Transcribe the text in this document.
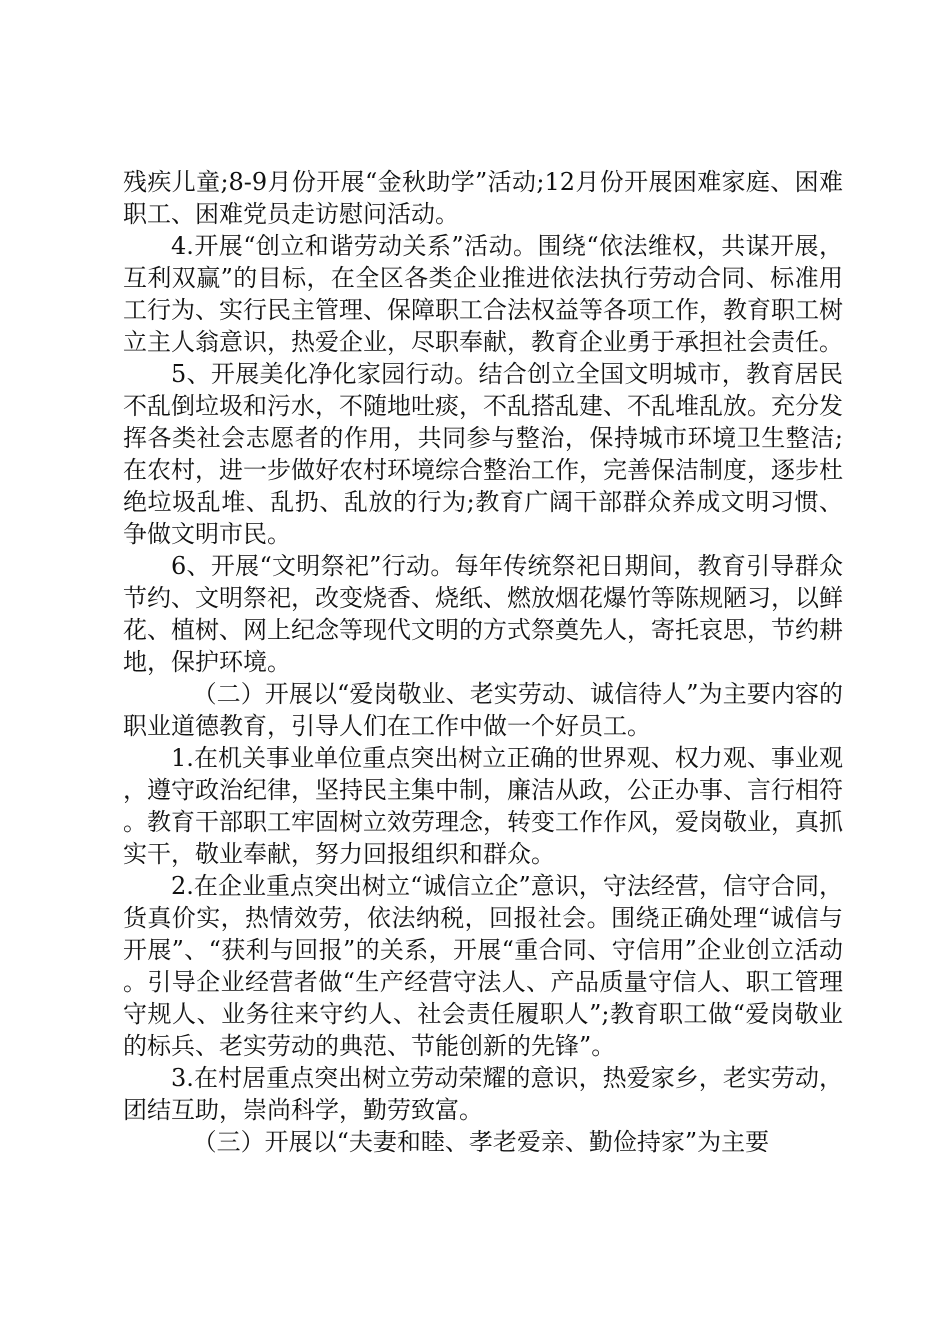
残疾儿童;8-9月份开展“金秋助学”活动;12月份开展困难家庭、困难职工、困难党员走访慰问活动。

4.开展“创立和谐劳动关系”活动。围绕“依法维权，共谋开展，互利双赢”的目标，在全区各类企业推进依法执行劳动合同、标准用工行为、实行民主管理、保障职工合法权益等各项工作，教育职工树立主人翁意识，热爱企业，尽职奉献，教育企业勇于承担社会责任。

5、开展美化净化家园行动。结合创立全国文明城市，教育居民不乱倒垃圾和污水，不随地吐痰，不乱搭乱建、不乱堆乱放。充分发挥各类社会志愿者的作用，共同参与整治，保持城市环境卫生整洁;在农村，进一步做好农村环境综合整治工作，完善保洁制度，逐步杜绝垃圾乱堆、乱扔、乱放的行为;教育广阔干部群众养成文明习惯、争做文明市民。

6、开展“文明祭祀”行动。每年传统祭祀日期间，教育引导群众节约、文明祭祀，改变烧香、烧纸、燃放烟花爆竹等陈规陋习，以鲜花、植树、网上纪念等现代文明的方式祭奠先人，寄托哀思，节约耕地，保护环境。

（二）开展以“爱岗敬业、老实劳动、诚信待人”为主要内容的职业道德教育，引导人们在工作中做一个好员工。

1.在机关事业单位重点突出树立正确的世界观、权力观、事业观，遵守政治纪律，坚持民主集中制，廉洁从政，公正办事、言行相符。教育干部职工牢固树立效劳理念，转变工作作风，爱岗敬业，真抓实干，敬业奉献，努力回报组织和群众。

2.在企业重点突出树立“诚信立企”意识，守法经营，信守合同，货真价实，热情效劳，依法纳税，回报社会。围绕正确处理“诚信与开展”、“获利与回报”的关系，开展“重合同、守信用”企业创立活动。引导企业经营者做“生产经营守法人、产品质量守信人、职工管理守规人、业务往来守约人、社会责任履职人”;教育职工做“爱岗敬业的标兵、老实劳动的典范、节能创新的先锋”。

3.在村居重点突出树立劳动荣耀的意识，热爱家乡，老实劳动，团结互助，崇尚科学，勤劳致富。

（三）开展以“夫妻和睦、孝老爱亲、勤俭持家”为主要
